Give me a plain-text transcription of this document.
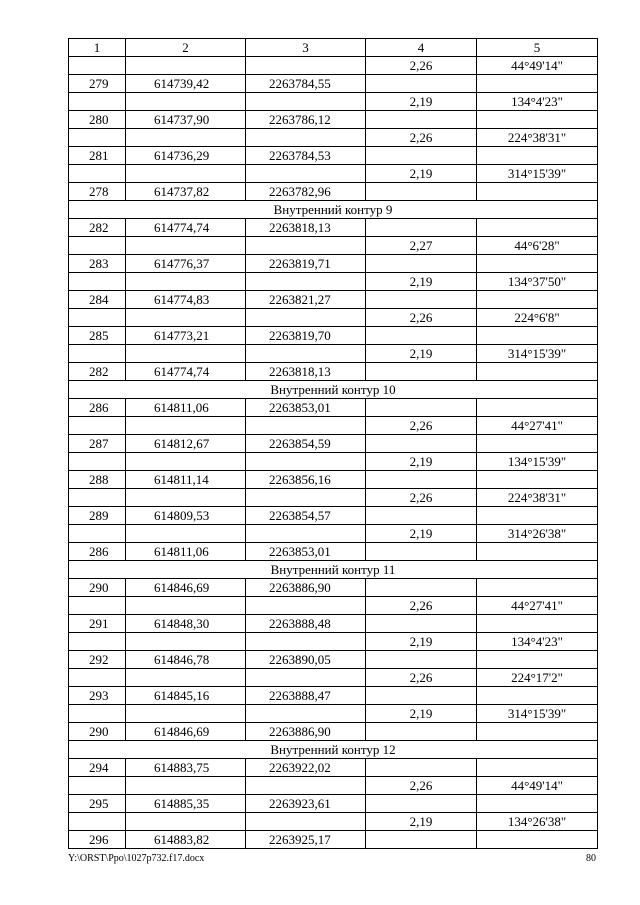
1	2	3	4	5
			2,26	44°49'14"
279	614739,42	2263784,55		
			2,19	134°4'23"
280	614737,90	2263786,12		
			2,26	224°38'31"
281	614736,29	2263784,53		
			2,19	314°15'39"
278	614737,82	2263782,96		
Внутренний контур 9				
282	614774,74	2263818,13		
			2,27	44°6'28"
283	614776,37	2263819,71		
			2,19	134°37'50"
284	614774,83	2263821,27		
			2,26	224°6'8"
285	614773,21	2263819,70		
			2,19	314°15'39"
282	614774,74	2263818,13		
Внутренний контур 10				
286	614811,06	2263853,01		
			2,26	44°27'41"
287	614812,67	2263854,59		
			2,19	134°15'39"
288	614811,14	2263856,16		
			2,26	224°38'31"
289	614809,53	2263854,57		
			2,19	314°26'38"
286	614811,06	2263853,01		
Внутренний контур 11				
290	614846,69	2263886,90		
			2,26	44°27'41"
291	614848,30	2263888,48		
			2,19	134°4'23"
292	614846,78	2263890,05		
			2,26	224°17'2"
293	614845,16	2263888,47		
			2,19	314°15'39"
290	614846,69	2263886,90		
Внутренний контур 12				
294	614883,75	2263922,02		
			2,26	44°49'14"
295	614885,35	2263923,61		
			2,19	134°26'38"
296	614883,82	2263925,17		
Y:\ORST\Ppo\1027p732.f17.docx	80
